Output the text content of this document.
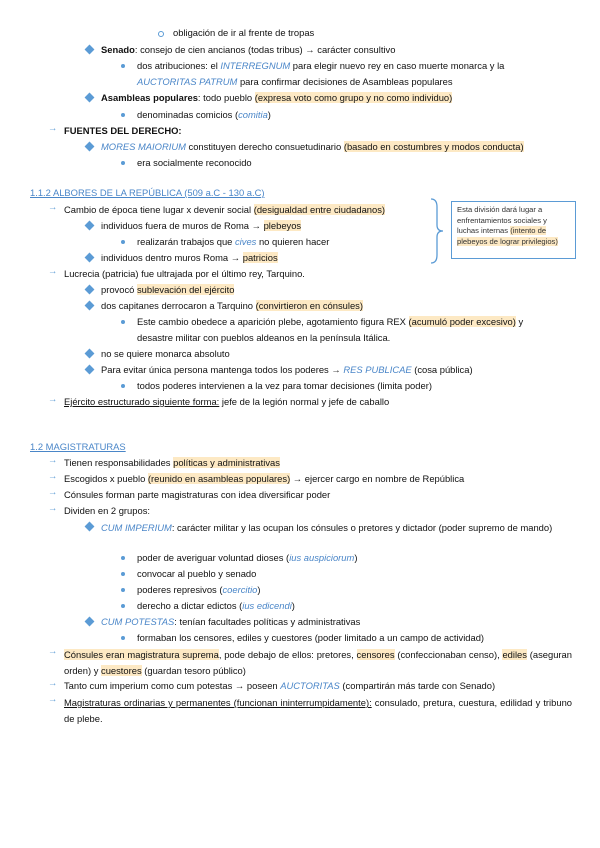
obligación de ir al frente de tropas
Senado: consejo de cien ancianos (todas tribus) → carácter consultivo
dos atribuciones: el INTERREGNUM para elegir nuevo rey en caso muerte monarca y la
AUCTORITAS PATRUM para confirmar decisiones de Asambleas populares
Asambleas populares: todo pueblo (expresa voto como grupo y no como individuo)
denominadas comicios (comitia)
→ FUENTES DEL DERECHO:
MORES MAIORIUM constituyen derecho consuetudinario (basado en costumbres y modos conducta)
era socialmente reconocido
1.1.2 ALBORES DE LA REPÚBLICA (509 a.C - 130 a.C)
→ Cambio de época tiene lugar x devenir social (desigualdad entre ciudadanos)
individuos fuera de muros de Roma → plebeyos
realizarán trabajos que cives no quieren hacer
individuos dentro muros Roma → patricios
Esta división dará lugar a enfrentamientos sociales y luchas internas (intento de plebeyos de lograr privilegios)
→ Lucrecia (patricia) fue ultrajada por el último rey, Tarquino.
provocó sublevación del ejército
dos capitanes derrocaron a Tarquino (convirtieron en cónsules)
Este cambio obedece a aparición plebe, agotamiento figura REX (acumuló poder excesivo) y
desastre militar con pueblos aldeanos en la península Itálica.
no se quiere monarca absoluto
Para evitar única persona mantenga todos los poderes → RES PUBLICAE (cosa pública)
todos poderes intervienen a la vez para tomar decisiones (limita poder)
→ Ejército estructurado siguiente forma: jefe de la legión normal y jefe de caballo
1.2 MAGISTRATURAS
→ Tienen responsabilidades políticas y administrativas
→ Escogidos x pueblo (reunido en asambleas populares) → ejercer cargo en nombre de República
→ Cónsules forman parte magistraturas con idea diversificar poder
→ Dividen en 2 grupos:
CUM IMPERIUM: carácter militar y las ocupan los cónsules o pretores y dictador (poder supremo de mando)
poder de averiguar voluntad dioses (ius auspiciorum)
convocar al pueblo y senado
poderes represivos (coercitio)
derecho a dictar edictos (ius edicendi)
CUM POTESTAS: tenían facultades políticas y administrativas
formaban los censores, ediles y cuestores (poder limitado a un campo de actividad)
→ Cónsules eran magistratura suprema, pode debajo de ellos: pretores, censores (confeccionaban censo), ediles (aseguran orden) y cuestores (guardan tesoro público)
→ Tanto cum imperium como cum potestas → poseen AUCTORITAS (compartirán más tarde con Senado)
→ Magistraturas ordinarias y permanentes (funcionan ininterrumpidamente): consulado, pretura, cuestura, edilidad y tribuno de plebe.
